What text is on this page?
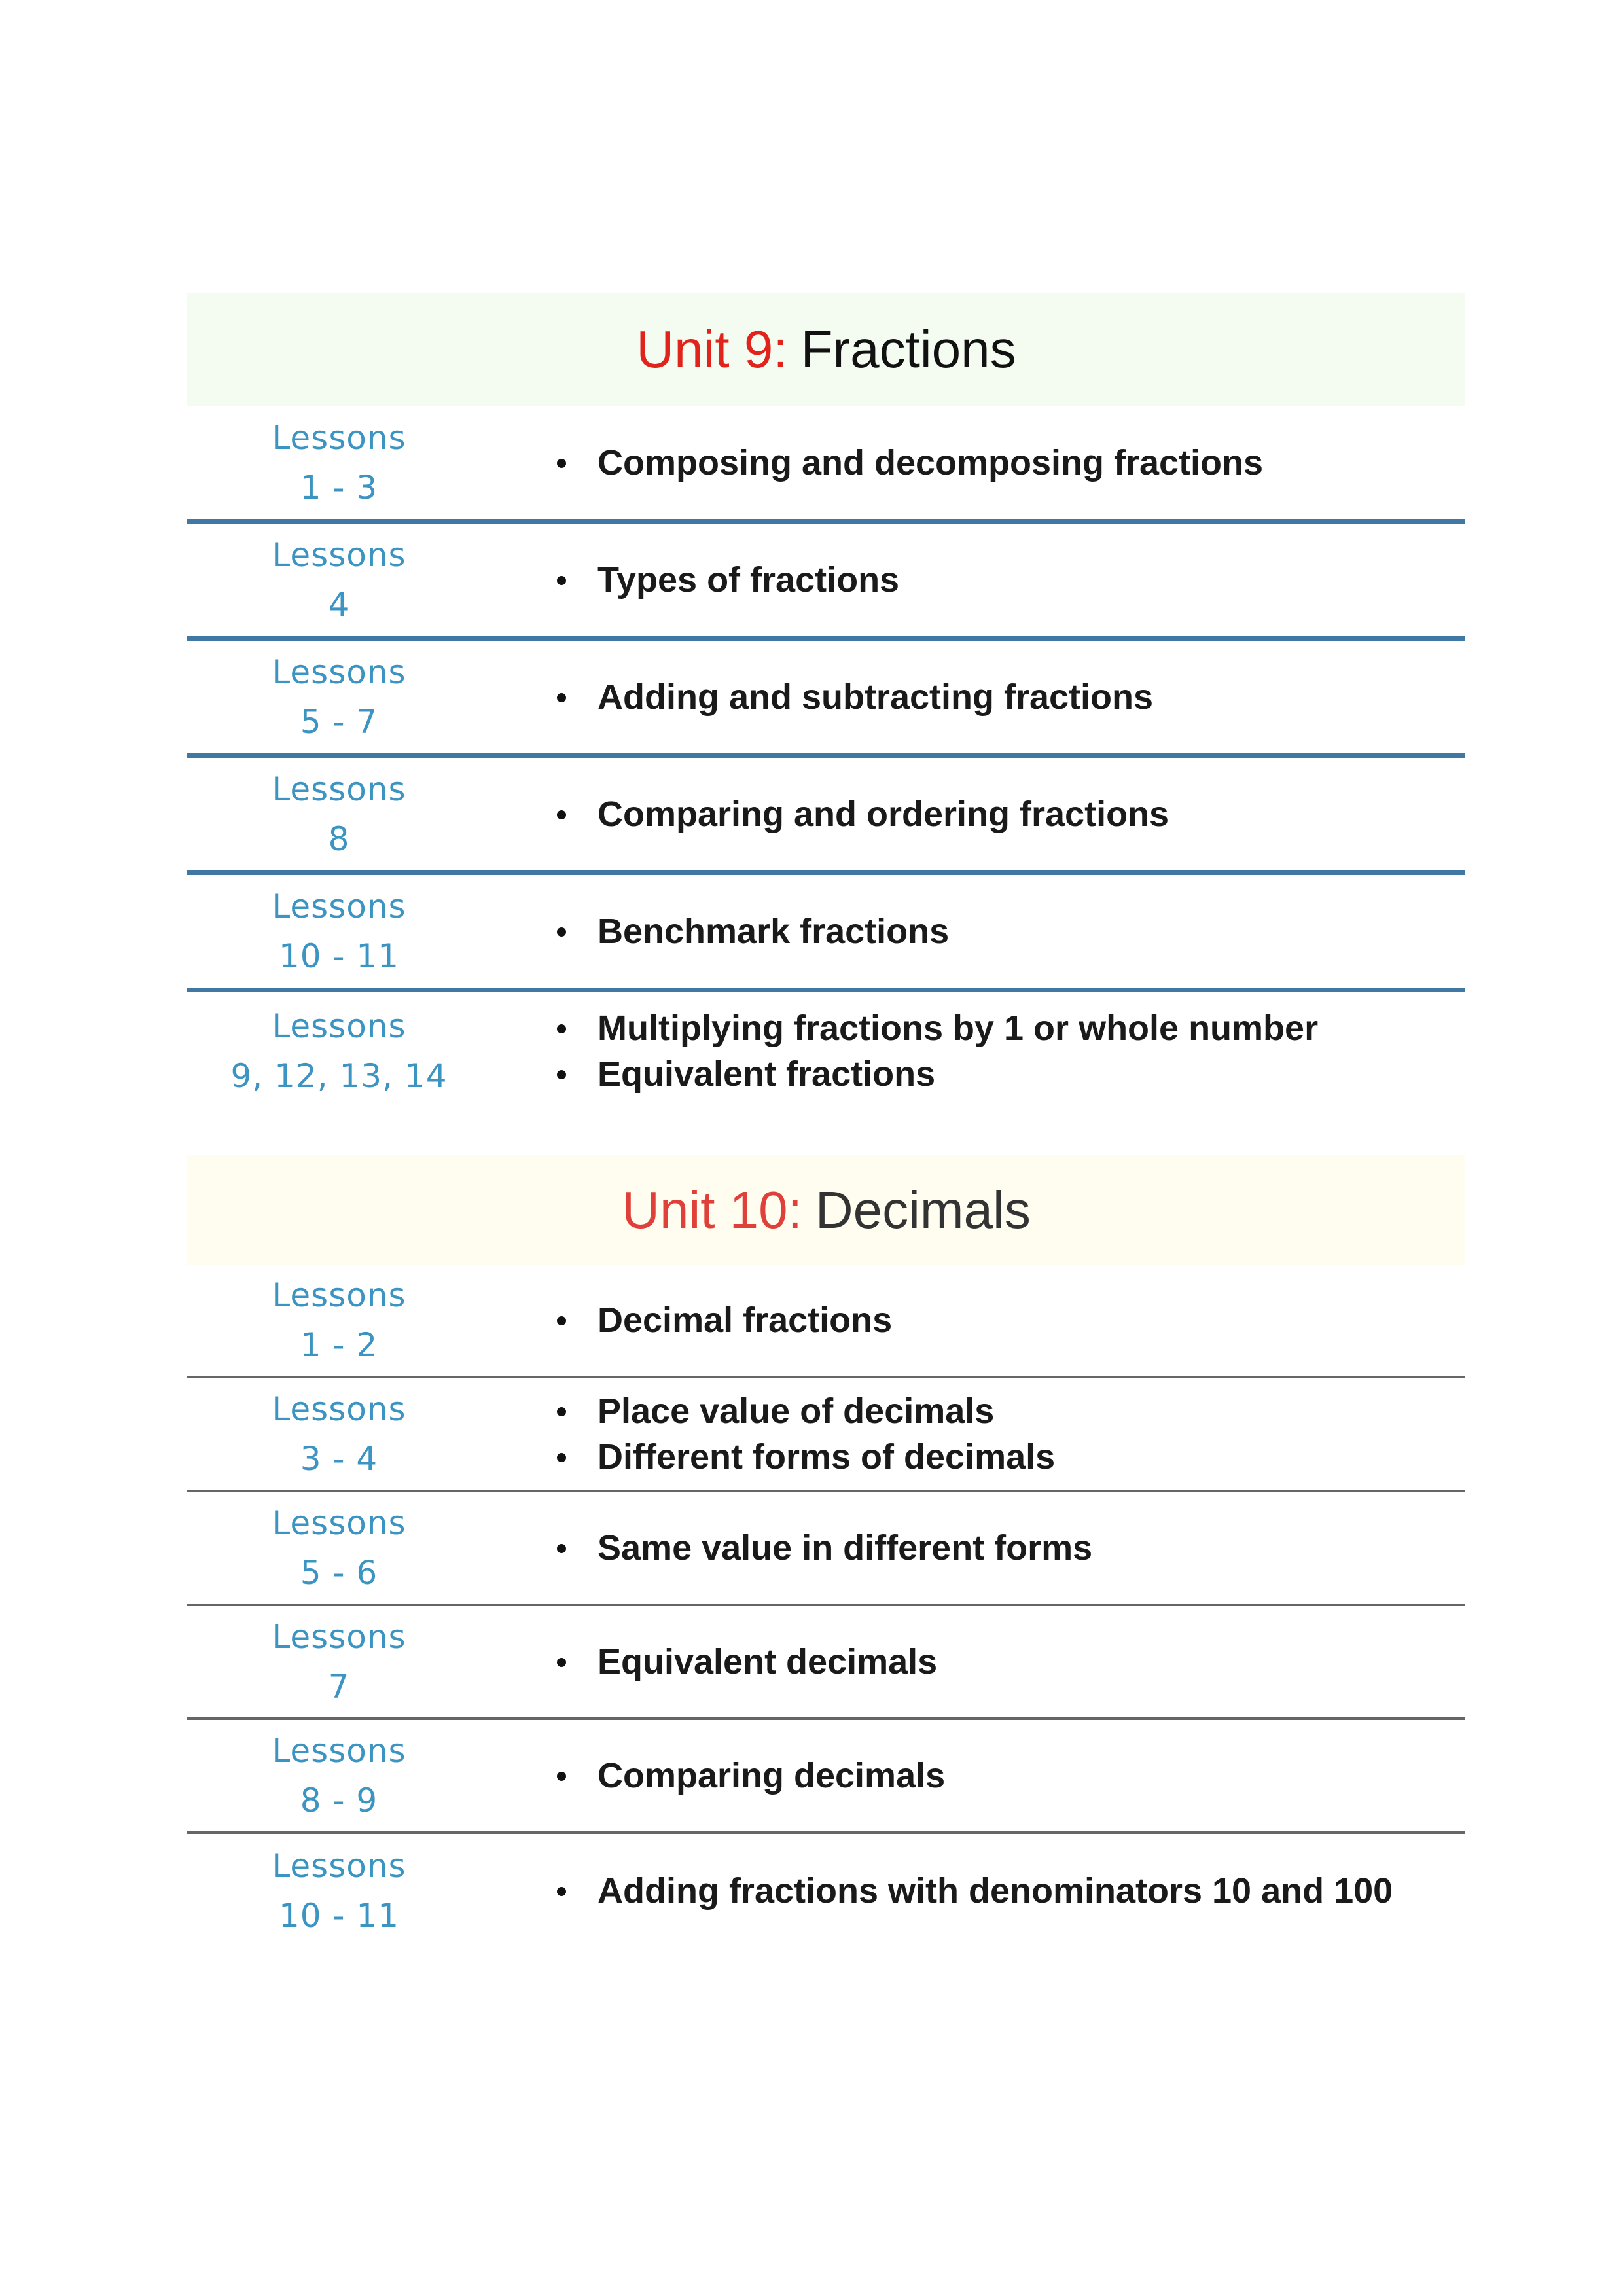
Unit 9: Fractions
Lessons
1 - 3
Composing and decomposing fractions
Lessons
4
Types of fractions
Lessons
5 - 7
Adding and subtracting fractions
Lessons
8
Comparing and ordering fractions
Lessons
10 - 11
Benchmark fractions
Lessons
9, 12, 13, 14
Multiplying fractions by 1 or whole number
Equivalent fractions
Unit 10: Decimals
Lessons
1 - 2
Decimal fractions
Lessons
3 - 4
Place value of decimals
Different forms of decimals
Lessons
5 - 6
Same value in different forms
Lessons
7
Equivalent decimals
Lessons
8 - 9
Comparing decimals
Lessons
10 - 11
Adding fractions with denominators 10 and 100
